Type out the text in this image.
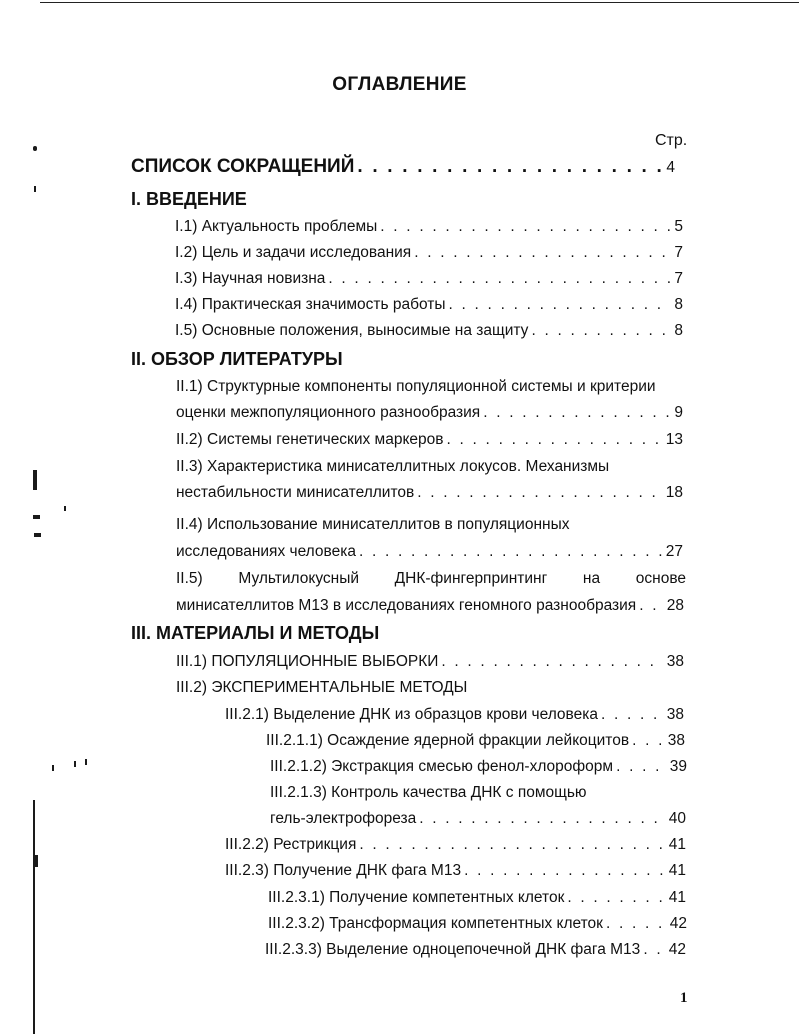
ОГЛАВЛЕНИЕ
Стр.
СПИСОК СОКРАЩЕНИЙ . . .	4
I. ВВЕДЕНИЕ
I.1) Актуальность проблемы . . .	5
I.2) Цель и задачи исследования . . .	7
I.3) Научная новизна . . .	7
I.4) Практическая значимость работы . . .	8
I.5) Основные положения, выносимые на защиту . . .	8
II. ОБЗОР ЛИТЕРАТУРЫ
II.1) Структурные компоненты популяционной системы и критерии
оценки межпопуляционного разнообразия . . .	9
II.2) Системы генетических маркеров . . .	13
II.3) Характеристика минисателлитных локусов. Механизмы
нестабильности минисателлитов . . .	18
II.4) Использование минисателлитов в популяционных
исследованиях человека . . .	27
II.5) Мультилокусный ДНК-фингерпринтинг на основе
минисателлитов М13 в исследованиях геномного разнообразия . . . 28
III. МАТЕРИАЛЫ И МЕТОДЫ
III.1) ПОПУЛЯЦИОННЫЕ ВЫБОРКИ . . .	38
III.2) ЭКСПЕРИМЕНТАЛЬНЫЕ МЕТОДЫ
III.2.1) Выделение ДНК из образцов крови человека . . .	38
III.2.1.1) Осаждение ядерной фракции лейкоцитов . . . 38
III.2.1.2) Экстракция смесью фенол-хлороформ . . .	39
III.2.1.3) Контроль качества ДНК с помощью
гель-электрофореза . . .	40
III.2.2) Рестрикция . . .	41
III.2.3) Получение ДНК фага М13 . . .	41
III.2.3.1) Получение компетентных клеток . . .	41
III.2.3.2) Трансформация компетентных клеток . . .	42
III.2.3.3) Выделение одноцепочечной ДНК фага М13 . . . 42
1
